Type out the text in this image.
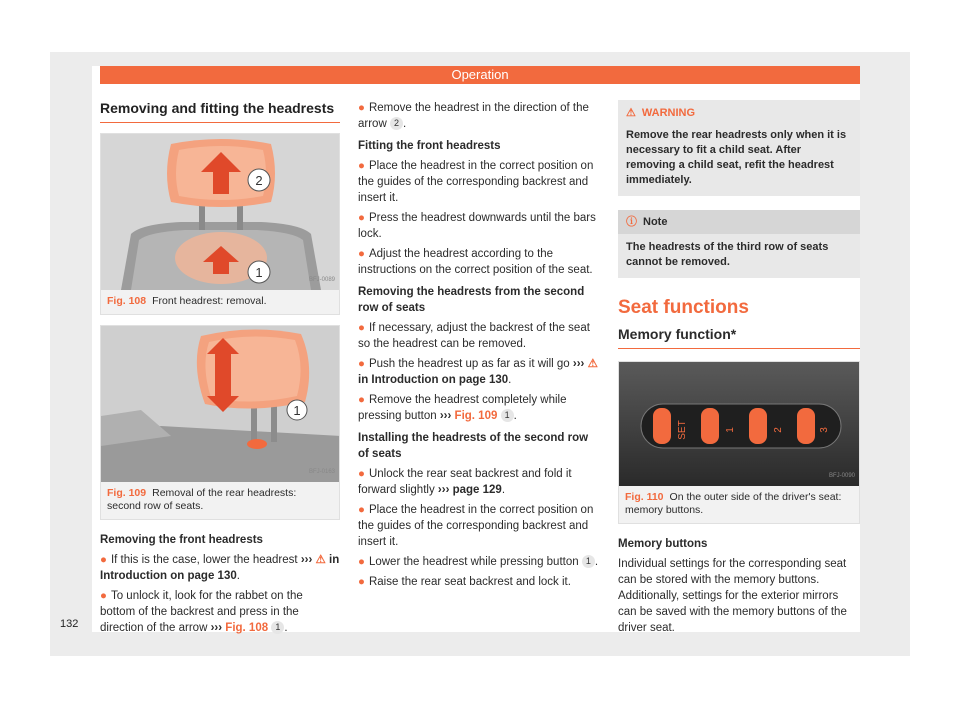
Operation
Removing and fitting the headrests
2
1	BFJ-0089
Fig. 108 Front headrest: removal.
1
BFJ-0163
Fig. 109 Removal of the rear headrests: second row of seats.
Removing the front headrests

● If this is the case, lower the headrest ››› ⚠ in Introduction on page 130.

● To unlock it, look for the rabbet on the bottom of the backrest and press in the direction of the arrow ››› Fig. 108 1 .

● Remove the headrest in the direction of the arrow 2 .

Fitting the front headrests

● Place the headrest in the correct position on the guides of the corresponding backrest and insert it.

● Press the headrest downwards until the bars lock.

● Adjust the headrest according to the instructions on the correct position of the seat.

Removing the headrests from the second row of seats

● If necessary, adjust the backrest of the seat so the headrest can be removed.

● Push the headrest up as far as it will go ››› ⚠ in Introduction on page 130.

● Remove the headrest completely while pressing button ››› Fig. 109 1 .

Installing the headrests of the second row of seats

● Unlock the rear seat backrest and fold it forward slightly ››› page 129.

● Place the headrest in the correct position on the guides of the corresponding backrest and insert it.

● Lower the headrest while pressing button 1 .

● Raise the rear seat backrest and lock it.

⚠ WARNING
Remove the rear headrests only when it is necessary to fit a child seat. After removing a child seat, refit the headrest immediately.
ⓘ Note
The headrests of the third row of seats cannot be removed.
Seat functions
Memory function*
SET	1	2	3
BFJ-0090
Fig. 110 On the outer side of the driver's seat: memory buttons.
Memory buttons

Individual settings for the corresponding seat can be stored with the memory buttons. Additionally, settings for the exterior mirrors can be saved with the memory buttons of the driver seat.

132
